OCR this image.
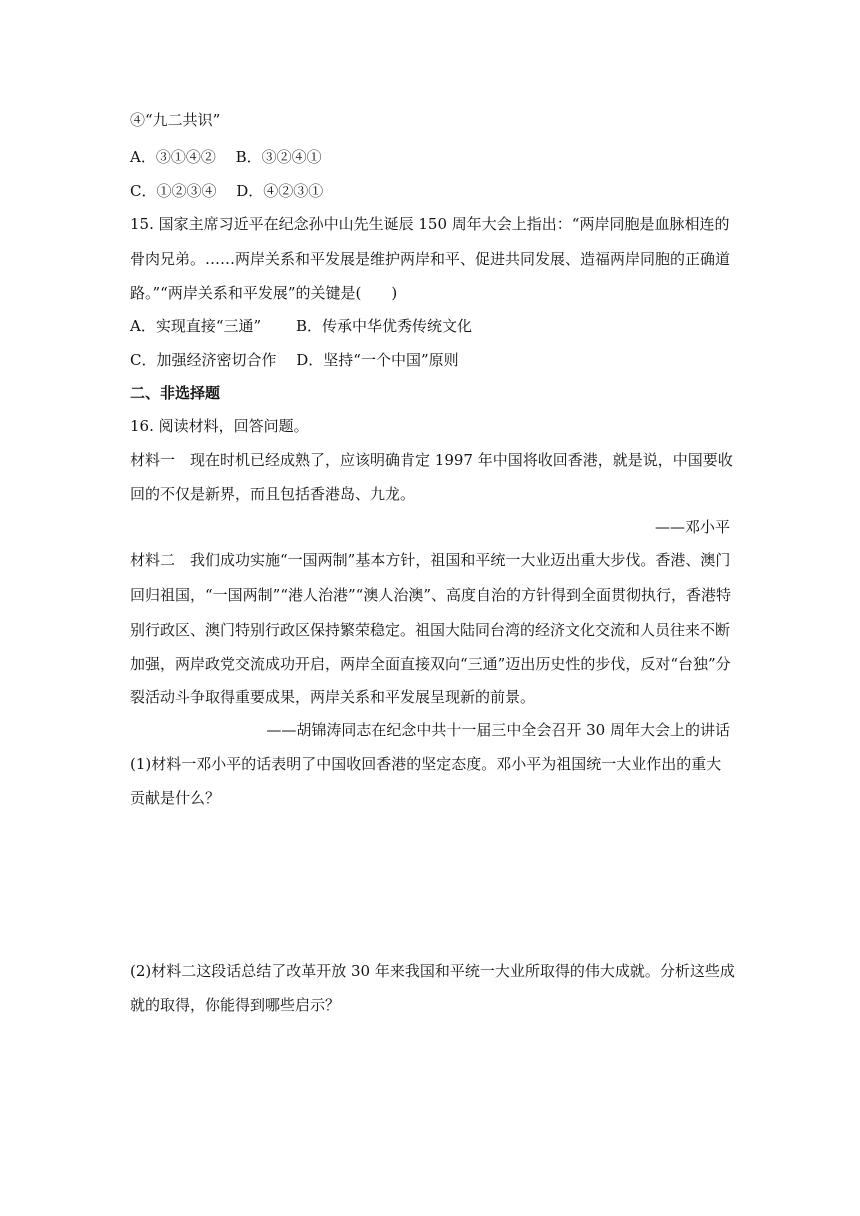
④“九二共识”
A．③①④②　 B．③②④①
C．①②③④　 D．④②③①
15. 国家主席习近平在纪念孙中山先生诞辰 150 周年大会上指出：“两岸同胞是血脉相连的
骨肉兄弟。……两岸关系和平发展是维护两岸和平、促进共同发展、造福两岸同胞的正确道
路。”“两岸关系和平发展”的关键是(　　)
A．实现直接“三通”　　 B．传承中华优秀传统文化
C．加强经济密切合作　 D．坚持“一个中国”原则
二、非选择题
16. 阅读材料，回答问题。
材料一　现在时机已经成熟了，应该明确肯定 1997 年中国将收回香港，就是说，中国要收
回的不仅是新界，而且包括香港岛、九龙。
——邓小平
材料二　我们成功实施“一国两制”基本方针，祖国和平统一大业迈出重大步伐。香港、澳门
回归祖国，“一国两制”“港人治港”“澳人治澳”、高度自治的方针得到全面贯彻执行，香港特
别行政区、澳门特别行政区保持繁荣稳定。祖国大陆同台湾的经济文化交流和人员往来不断
加强，两岸政党交流成功开启，两岸全面直接双向“三通”迈出历史性的步伐，反对“台独”分
裂活动斗争取得重要成果，两岸关系和平发展呈现新的前景。
——胡锦涛同志在纪念中共十一届三中全会召开 30 周年大会上的讲话
(1)材料一邓小平的话表明了中国收回香港的坚定态度。邓小平为祖国统一大业作出的重大
贡献是什么？
(2)材料二这段话总结了改革开放 30 年来我国和平统一大业所取得的伟大成就。分析这些成
就的取得，你能得到哪些启示？
